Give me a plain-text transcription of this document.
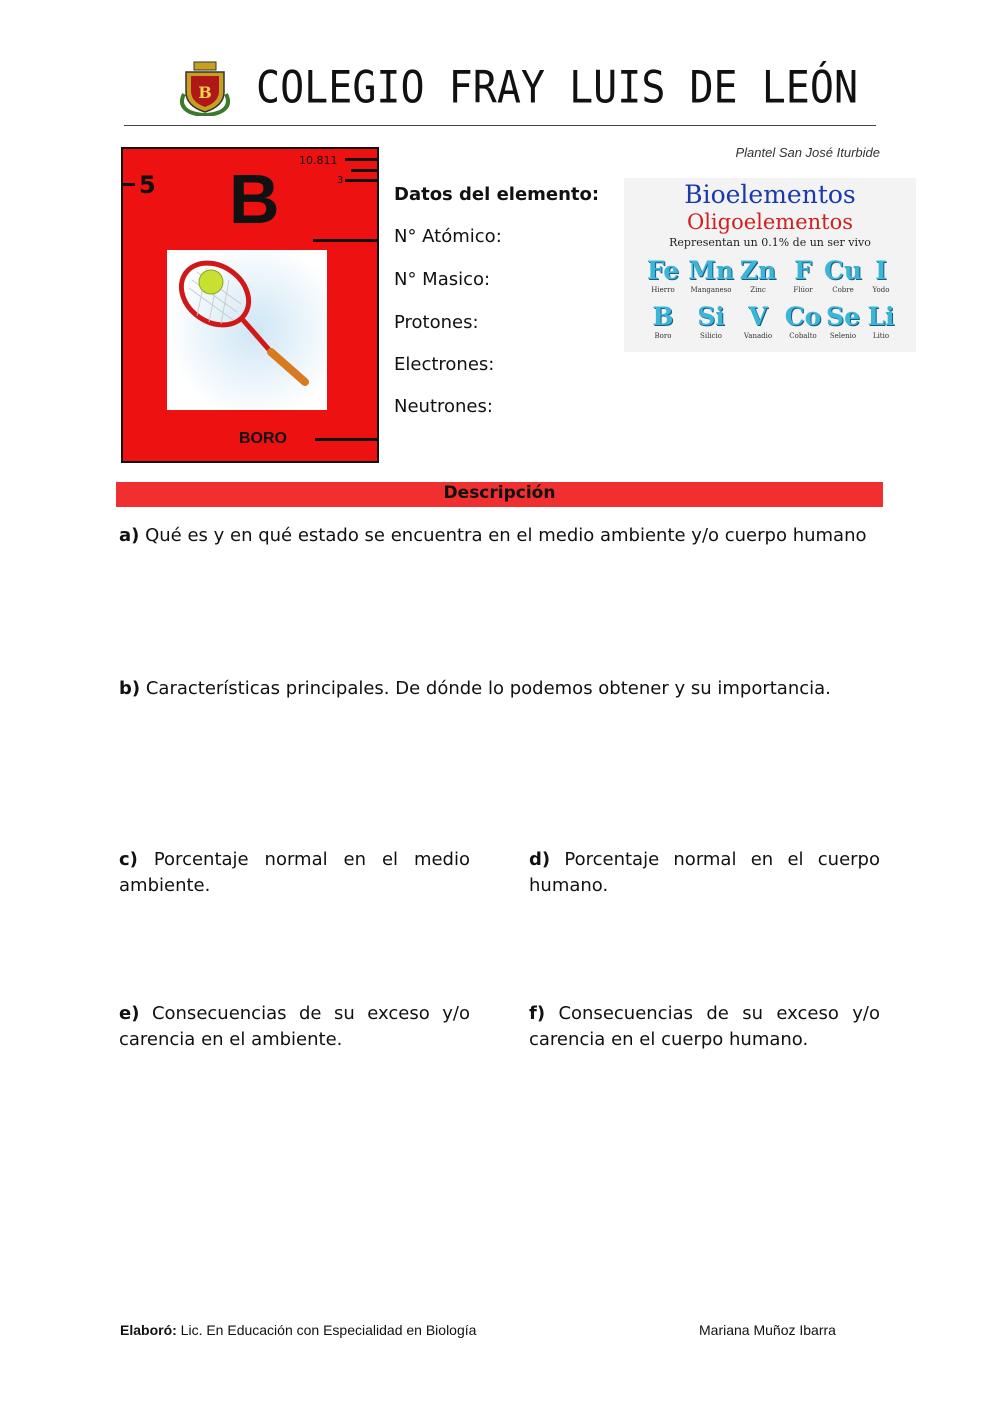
B COLEGIO FRAY LUIS DE LEÓN
Plantel San José Iturbide
5 B 10.811
3
BORO
Datos del elemento:
N° Atómico:
N° Masico:
Protones:
Electrones:
Neutrones:
Bioelementos
Oligoelementos
Representan un 0.1% de un ser vivo
Fe
Hierro
Mn
Manganeso
Zn
Zinc
F
Flúor
Cu
Cobre
I
Yodo
B
Boro
Si
Silicio
V
Vanadio
Co
Cobalto
Se
Selenio
Li
Litio
Descripción
a) Qué es y en qué estado se encuentra en el medio ambiente y/o cuerpo humano
b) Características principales. De dónde lo podemos obtener y su importancia.
c) Porcentaje normal en el medio ambiente.
d) Porcentaje normal en el cuerpo humano.
e) Consecuencias de su exceso y/o carencia en el ambiente.
f) Consecuencias de su exceso y/o carencia en el cuerpo humano.
Elaboró: Lic. En Educación con Especialidad en Biología	Mariana Muñoz Ibarra
